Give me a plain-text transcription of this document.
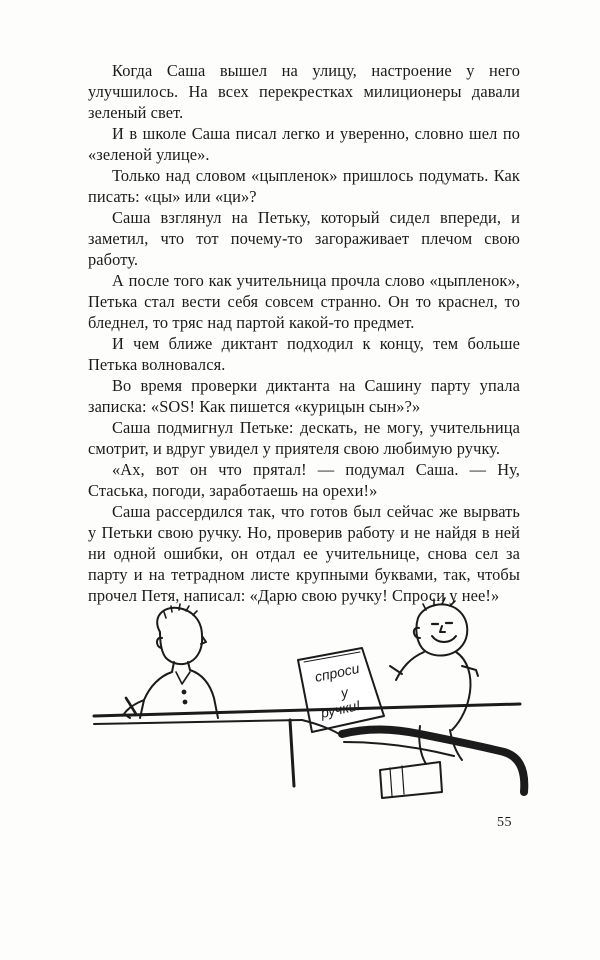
Когда Саша вышел на улицу, настроение у него улучшилось. На всех перекрестках милиционеры давали зеленый свет.

И в школе Саша писал легко и уверенно, словно шел по «зеленой улице».

Только над словом «цыпленок» пришлось подумать. Как писать: «цы» или «ци»?

Саша взглянул на Петьку, который сидел впереди, и заметил, что тот почему-то загораживает плечом свою работу.

А после того как учительница прочла слово «цыпленок», Петька стал вести себя совсем странно. Он то краснел, то бледнел, то тряс над партой какой-то предмет.

И чем ближе диктант подходил к концу, тем больше Петька волновался.

Во время проверки диктанта на Сашину парту упала записка: «SOS! Как пишется «курицын сын»?»

Саша подмигнул Петьке: дескать, не могу, учительница смотрит, и вдруг увидел у приятеля свою любимую ручку.

«Ах, вот он что прятал! — подумал Саша. — Ну, Стаська, погоди, заработаешь на орехи!»

Саша рассердился так, что готов был сейчас же вырвать у Петьки свою ручку. Но, проверив работу и не найдя в ней ни одной ошибки, он отдал ее учительнице, снова сел за парту и на тетрадном листе крупными буквами, так, чтобы прочел Петя, написал: «Дарю свою ручку! Спроси у нее!»

спроси
у
ручки!
55
